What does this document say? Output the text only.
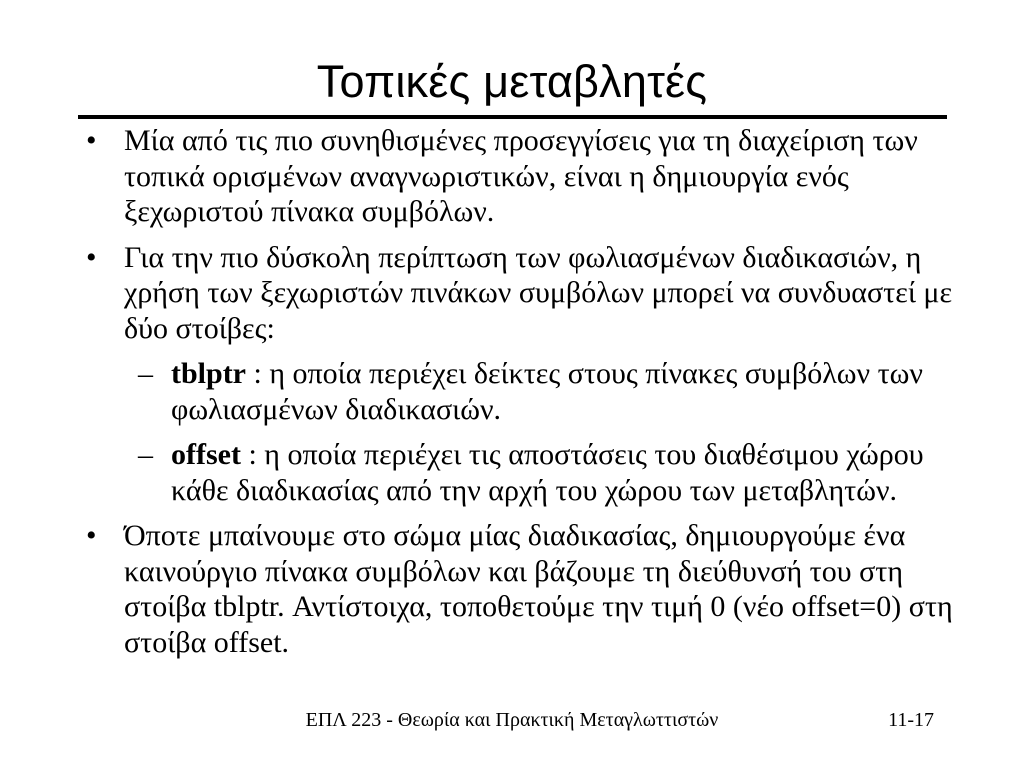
Τοπικές μεταβλητές
• Μία από τις πιο συνηθισμένες προσεγγίσεις για τη διαχείριση των τοπικά ορισμένων αναγνωριστικών, είναι η δημιουργία ενός ξεχωριστού πίνακα συμβόλων.
• Για την πιο δύσκολη περίπτωση των φωλιασμένων διαδικασιών, η χρήση των ξεχωριστών πινάκων συμβόλων μπορεί να συνδυαστεί με δύο στοίβες:
– tblptr : η οποία περιέχει δείκτες στους πίνακες συμβόλων των φωλιασμένων διαδικασιών.
– offset : η οποία περιέχει τις αποστάσεις του διαθέσιμου χώρου κάθε διαδικασίας από την αρχή του χώρου των μεταβλητών.
• Όποτε μπαίνουμε στο σώμα μίας διαδικασίας, δημιουργούμε ένα καινούργιο πίνακα συμβόλων και βάζουμε τη διεύθυνσή του στη στοίβα tblptr. Αντίστοιχα, τοποθετούμε την τιμή 0 (νέο offset=0) στη στοίβα offset.
ΕΠΛ 223 - Θεωρία και Πρακτική Μεταγλωττιστών	11-17
